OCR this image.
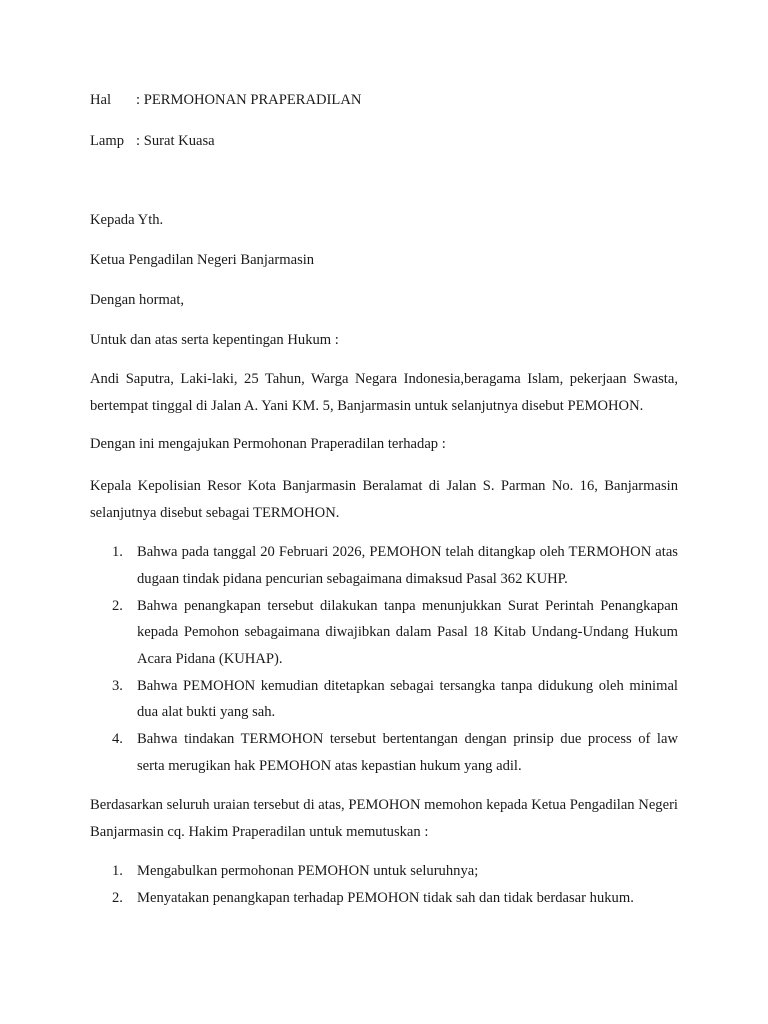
Hal : PERMOHONAN PRAPERADILAN
Lamp : Surat Kuasa
Kepada Yth.
Ketua Pengadilan Negeri Banjarmasin
Dengan hormat,
Untuk dan atas serta kepentingan Hukum :
Andi Saputra, Laki-laki, 25 Tahun, Warga Negara Indonesia,beragama Islam, pekerjaan Swasta, bertempat tinggal di Jalan A. Yani KM. 5, Banjarmasin untuk selanjutnya disebut PEMOHON.
Dengan ini mengajukan Permohonan Praperadilan terhadap :
Kepala Kepolisian Resor Kota Banjarmasin Beralamat di Jalan S. Parman No. 16, Banjarmasin selanjutnya disebut sebagai TERMOHON.
1. Bahwa pada tanggal 20 Februari 2026, PEMOHON telah ditangkap oleh TERMOHON atas dugaan tindak pidana pencurian sebagaimana dimaksud Pasal 362 KUHP.
2. Bahwa penangkapan tersebut dilakukan tanpa menunjukkan Surat Perintah Penangkapan kepada Pemohon sebagaimana diwajibkan dalam Pasal 18 Kitab Undang-Undang Hukum Acara Pidana (KUHAP).
3. Bahwa PEMOHON kemudian ditetapkan sebagai tersangka tanpa didukung oleh minimal dua alat bukti yang sah.
4. Bahwa tindakan TERMOHON tersebut bertentangan dengan prinsip due process of law serta merugikan hak PEMOHON atas kepastian hukum yang adil.
Berdasarkan seluruh uraian tersebut di atas, PEMOHON memohon kepada Ketua Pengadilan Negeri Banjarmasin cq. Hakim Praperadilan untuk memutuskan :
1. Mengabulkan permohonan PEMOHON untuk seluruhnya;
2. Menyatakan penangkapan terhadap PEMOHON tidak sah dan tidak berdasar hukum.
